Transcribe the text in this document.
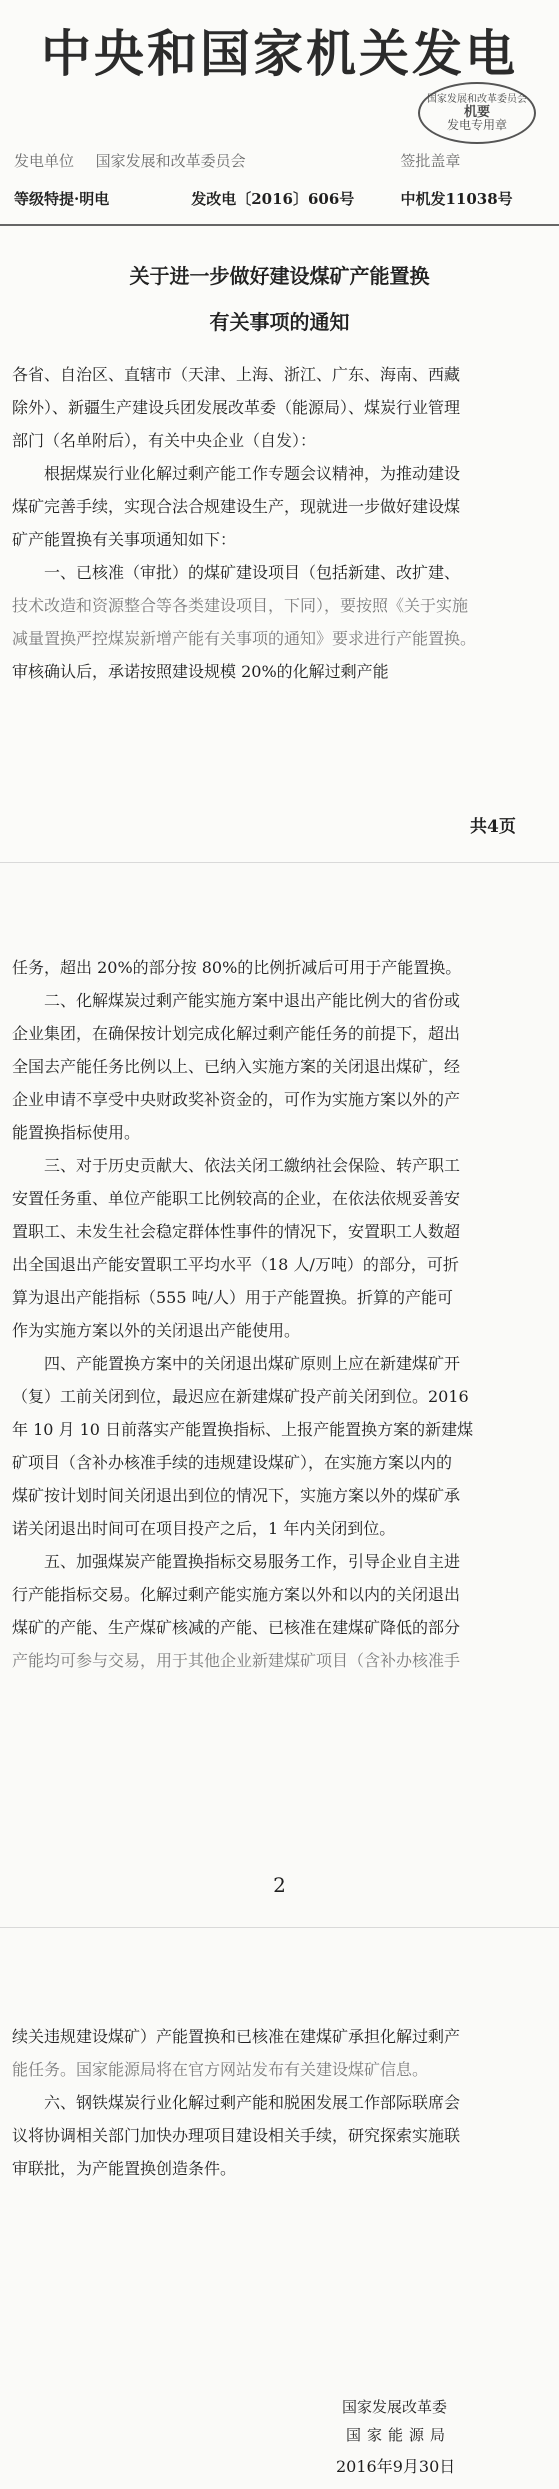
中央和国家机关发电
国家发展和改革委员会
机要
发电专用章
发电单位 国家发展和改革委员会	签批盖章
等级特提·明电	发改电〔2016〕606号	中机发11038号
关于进一步做好建设煤矿产能置换
有关事项的通知
各省、自治区、直辖市（天津、上海、浙江、广东、海南、西藏
除外）、新疆生产建设兵团发展改革委（能源局）、煤炭行业管理
部门（名单附后），有关中央企业（自发）：
　　根据煤炭行业化解过剩产能工作专题会议精神，为推动建设
煤矿完善手续，实现合法合规建设生产，现就进一步做好建设煤
矿产能置换有关事项通知如下：
　　一、已核准（审批）的煤矿建设项目（包括新建、改扩建、
技术改造和资源整合等各类建设项目，下同），要按照《关于实施
减量置换严控煤炭新增产能有关事项的通知》要求进行产能置换。
审核确认后，承诺按照建设规模 20%的化解过剩产能
共4页
任务，超出 20%的部分按 80%的比例折减后可用于产能置换。
　　二、化解煤炭过剩产能实施方案中退出产能比例大的省份或
企业集团，在确保按计划完成化解过剩产能任务的前提下，超出
全国去产能任务比例以上、已纳入实施方案的关闭退出煤矿，经
企业申请不享受中央财政奖补资金的，可作为实施方案以外的产
能置换指标使用。
　　三、对于历史贡献大、依法关闭工繳纳社会保险、转产职工
安置任务重、单位产能职工比例较高的企业，在依法依规妥善安
置职工、未发生社会稳定群体性事件的情况下，安置职工人数超
出全国退出产能安置职工平均水平（18 人/万吨）的部分，可折
算为退出产能指标（555 吨/人）用于产能置换。折算的产能可
作为实施方案以外的关闭退出产能使用。
　　四、产能置换方案中的关闭退出煤矿原则上应在新建煤矿开
（复）工前关闭到位，最迟应在新建煤矿投产前关闭到位。2016
年 10 月 10 日前落实产能置换指标、上报产能置换方案的新建煤
矿项目（含补办核准手续的违规建设煤矿），在实施方案以内的
煤矿按计划时间关闭退出到位的情况下，实施方案以外的煤矿承
诺关闭退出时间可在项目投产之后，1 年内关闭到位。
　　五、加强煤炭产能置换指标交易服务工作，引导企业自主进
行产能指标交易。化解过剩产能实施方案以外和以内的关闭退出
煤矿的产能、生产煤矿核减的产能、已核准在建煤矿降低的部分
产能均可参与交易，用于其他企业新建煤矿项目（含补办核准手
2
续关违规建设煤矿）产能置换和已核准在建煤矿承担化解过剩产
能任务。国家能源局将在官方网站发布有关建设煤矿信息。
　　六、钢铁煤炭行业化解过剩产能和脱困发展工作部际联席会
议将协调相关部门加快办理项目建设相关手续，研究探索实施联
审联批，为产能置换创造条件。
国家发展改革委
国家能源局
2016年9月30日
